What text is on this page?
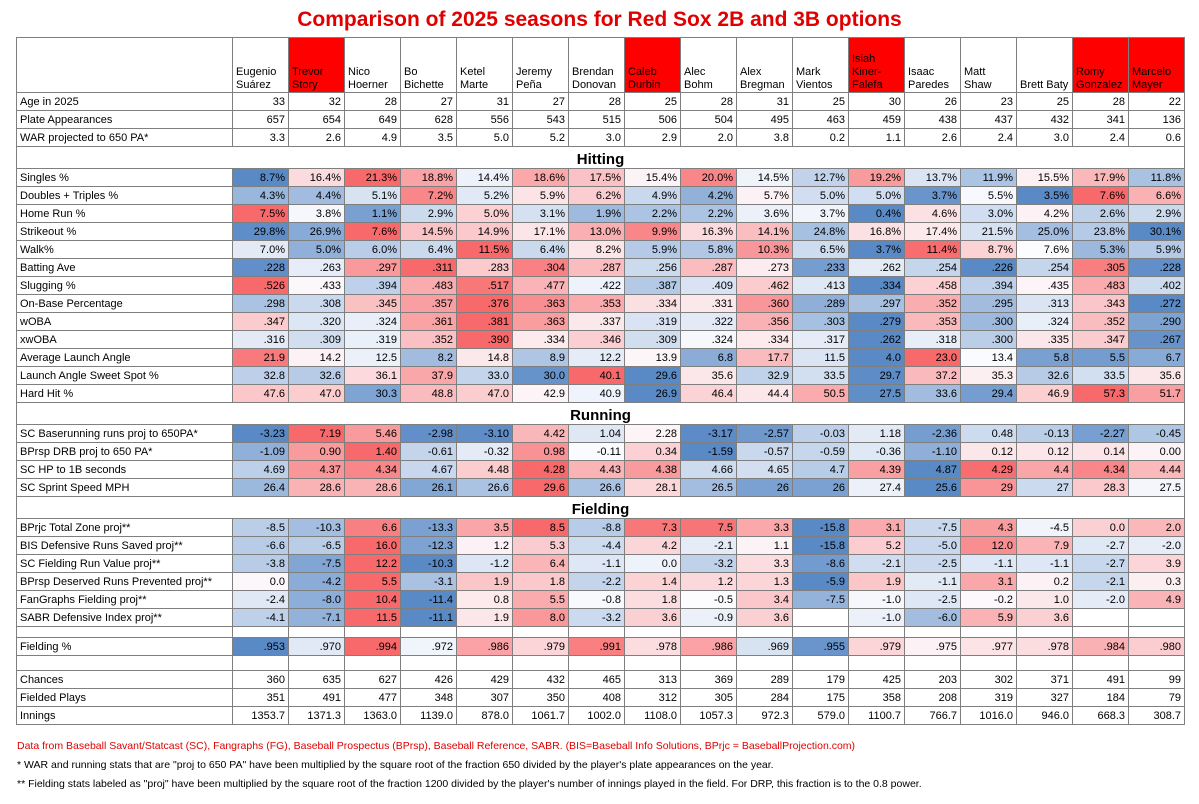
Comparison of 2025 seasons for Red Sox 2B and 3B options
	Eugenio Suárez	Trevor Story	Nico Hoerner	Bo Bichette	Ketel Marte	Jeremy Peña	Brendan Donovan	Caleb Durbin	Alec Bohm	Alex Bregman	Mark Vientos	Isiah Kiner-Falefa	Isaac Paredes	Matt Shaw	Brett Baty	Romy Gonzalez	Marcelo Mayer
Age in 2025	33	32	28	27	31	27	28	25	28	31	25	30	26	23	25	28	22
Plate Appearances	657	654	649	628	556	543	515	506	504	495	463	459	438	437	432	341	136
WAR projected to 650 PA*	3.3	2.6	4.9	3.5	5.0	5.2	3.0	2.9	2.0	3.8	0.2	1.1	2.6	2.4	3.0	2.4	0.6
Hitting																	
Singles %	8.7%	16.4%	21.3%	18.8%	14.4%	18.6%	17.5%	15.4%	20.0%	14.5%	12.7%	19.2%	13.7%	11.9%	15.5%	17.9%	11.8%
Doubles + Triples %	4.3%	4.4%	5.1%	7.2%	5.2%	5.9%	6.2%	4.9%	4.2%	5.7%	5.0%	5.0%	3.7%	5.5%	3.5%	7.6%	6.6%
Home Run %	7.5%	3.8%	1.1%	2.9%	5.0%	3.1%	1.9%	2.2%	2.2%	3.6%	3.7%	0.4%	4.6%	3.0%	4.2%	2.6%	2.9%
Strikeout %	29.8%	26.9%	7.6%	14.5%	14.9%	17.1%	13.0%	9.9%	16.3%	14.1%	24.8%	16.8%	17.4%	21.5%	25.0%	23.8%	30.1%
Walk%	7.0%	5.0%	6.0%	6.4%	11.5%	6.4%	8.2%	5.9%	5.8%	10.3%	6.5%	3.7%	11.4%	8.7%	7.6%	5.3%	5.9%
Batting Ave	.228	.263	.297	.311	.283	.304	.287	.256	.287	.273	.233	.262	.254	.226	.254	.305	.228
Slugging %	.526	.433	.394	.483	.517	.477	.422	.387	.409	.462	.413	.334	.458	.394	.435	.483	.402
On-Base Percentage	.298	.308	.345	.357	.376	.363	.353	.334	.331	.360	.289	.297	.352	.295	.313	.343	.272
wOBA	.347	.320	.324	.361	.381	.363	.337	.319	.322	.356	.303	.279	.353	.300	.324	.352	.290
xwOBA	.316	.309	.319	.352	.390	.334	.346	.309	.324	.334	.317	.262	.318	.300	.335	.347	.267
Average Launch Angle	21.9	14.2	12.5	8.2	14.8	8.9	12.2	13.9	6.8	17.7	11.5	4.0	23.0	13.4	5.8	5.5	6.7
Launch Angle Sweet Spot %	32.8	32.6	36.1	37.9	33.0	30.0	40.1	29.6	35.6	32.9	33.5	29.7	37.2	35.3	32.6	33.5	35.6
Hard Hit %	47.6	47.0	30.3	48.8	47.0	42.9	40.9	26.9	46.4	44.4	50.5	27.5	33.6	29.4	46.9	57.3	51.7
Running																	
SC Baserunning runs proj to 650PA*	-3.23	7.19	5.46	-2.98	-3.10	4.42	1.04	2.28	-3.17	-2.57	-0.03	1.18	-2.36	0.48	-0.13	-2.27	-0.45
BPrsp DRB proj to 650 PA*	-1.09	0.90	1.40	-0.61	-0.32	0.98	-0.11	0.34	-1.59	-0.57	-0.59	-0.36	-1.10	0.12	0.12	0.14	0.00
SC HP to 1B seconds	4.69	4.37	4.34	4.67	4.48	4.28	4.43	4.38	4.66	4.65	4.7	4.39	4.87	4.29	4.4	4.34	4.44
SC Sprint Speed MPH	26.4	28.6	28.6	26.1	26.6	29.6	26.6	28.1	26.5	26	26	27.4	25.6	29	27	28.3	27.5
Fielding																	
BPrjc Total Zone proj**	-8.5	-10.3	6.6	-13.3	3.5	8.5	-8.8	7.3	7.5	3.3	-15.8	3.1	-7.5	4.3	-4.5	0.0	2.0
BIS Defensive Runs Saved proj**	-6.6	-6.5	16.0	-12.3	1.2	5.3	-4.4	4.2	-2.1	1.1	-15.8	5.2	-5.0	12.0	7.9	-2.7	-2.0
SC Fielding Run Value proj**	-3.8	-7.5	12.2	-10.3	-1.2	6.4	-1.1	0.0	-3.2	3.3	-8.6	-2.1	-2.5	-1.1	-1.1	-2.7	3.9
BPrsp Deserved Runs Prevented proj**	0.0	-4.2	5.5	-3.1	1.9	1.8	-2.2	1.4	1.2	1.3	-5.9	1.9	-1.1	3.1	0.2	-2.1	0.3
FanGraphs Fielding proj**	-2.4	-8.0	10.4	-11.4	0.8	5.5	-0.8	1.8	-0.5	3.4	-7.5	-1.0	-2.5	-0.2	1.0	-2.0	4.9
SABR Defensive Index proj**	-4.1	-7.1	11.5	-11.1	1.9	8.0	-3.2	3.6	-0.9	3.6		-1.0	-6.0	5.9	3.6		

Fielding %	.953	.970	.994	.972	.986	.979	.991	.978	.986	.969	.955	.979	.975	.977	.978	.984	.980

Chances	360	635	627	426	429	432	465	313	369	289	179	425	203	302	371	491	99
Fielded Plays	351	491	477	348	307	350	408	312	305	284	175	358	208	319	327	184	79
Innings	1353.7	1371.3	1363.0	1139.0	878.0	1061.7	1002.0	1108.0	1057.3	972.3	579.0	1100.7	766.7	1016.0	946.0	668.3	308.7
Data from Baseball Savant/Statcast (SC), Fangraphs (FG), Baseball Prospectus (BPrsp), Baseball Reference, SABR. (BIS=Baseball Info Solutions, BPrjc = BaseballProjection.com)
* WAR and running stats that are "proj to 650 PA" have been multiplied by the square root of the fraction 650 divided by the player's plate appearances on the year.
** Fielding stats labeled as "proj" have been multiplied by the square root of the fraction 1200 divided by the player's number of innings played in the field. For DRP, this fraction is to the 0.8 power.
